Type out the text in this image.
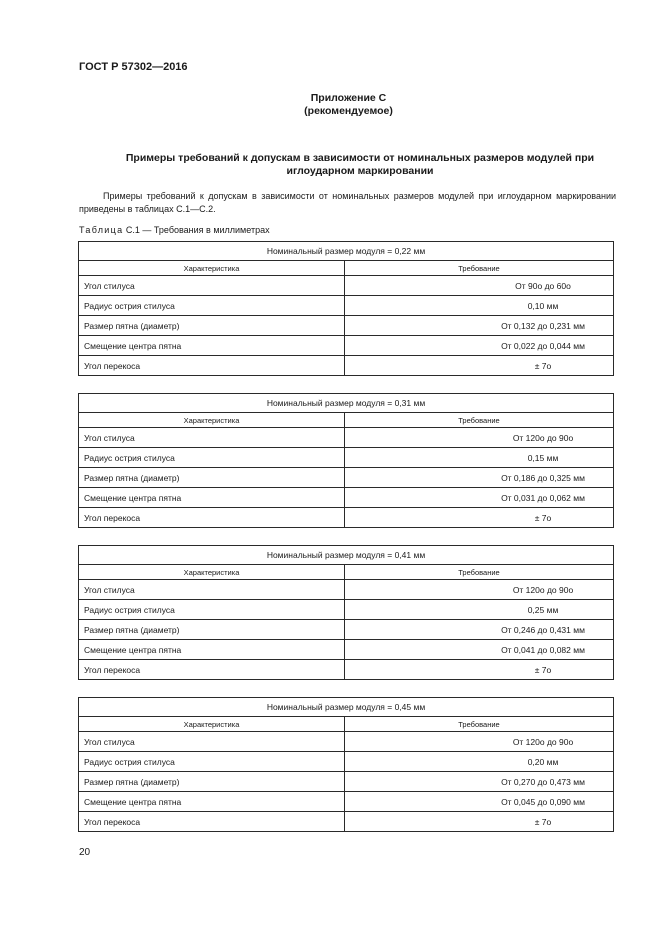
ГОСТ Р 57302—2016
Приложение С
(рекомендуемое)
Примеры требований к допускам в зависимости от номинальных размеров модулей при иглоударном маркировании
Примеры требований к допускам в зависимости от номинальных размеров модулей при иглоударном маркировании приведены в таблицах С.1—С.2.
Таблица С.1 — Требования в миллиметрах
Номинальный размер модуля = 0,22 мм	
Характеристика	Требование
Угол стилуса	От 90о до 60о
Радиус острия стилуса	0,10 мм
Размер пятна (диаметр)	От 0,132 до 0,231 мм
Смещение центра пятна	От 0,022 до 0,044 мм
Угол перекоса	± 7о
Номинальный размер модуля = 0,31 мм	
Характеристика	Требование
Угол стилуса	От 120о до 90о
Радиус острия стилуса	0,15 мм
Размер пятна (диаметр)	От 0,186 до 0,325 мм
Смещение центра пятна	От 0,031 до 0,062 мм
Угол перекоса	± 7о
Номинальный размер модуля = 0,41 мм	
Характеристика	Требование
Угол стилуса	От 120о до 90о
Радиус острия стилуса	0,25 мм
Размер пятна (диаметр)	От 0,246 до 0,431 мм
Смещение центра пятна	От 0,041 до 0,082 мм
Угол перекоса	± 7о
Номинальный размер модуля = 0,45 мм	
Характеристика	Требование
Угол стилуса	От 120о до 90о
Радиус острия стилуса	0,20 мм
Размер пятна (диаметр)	От 0,270 до 0,473 мм
Смещение центра пятна	От 0,045 до 0,090 мм
Угол перекоса	± 7о
20
